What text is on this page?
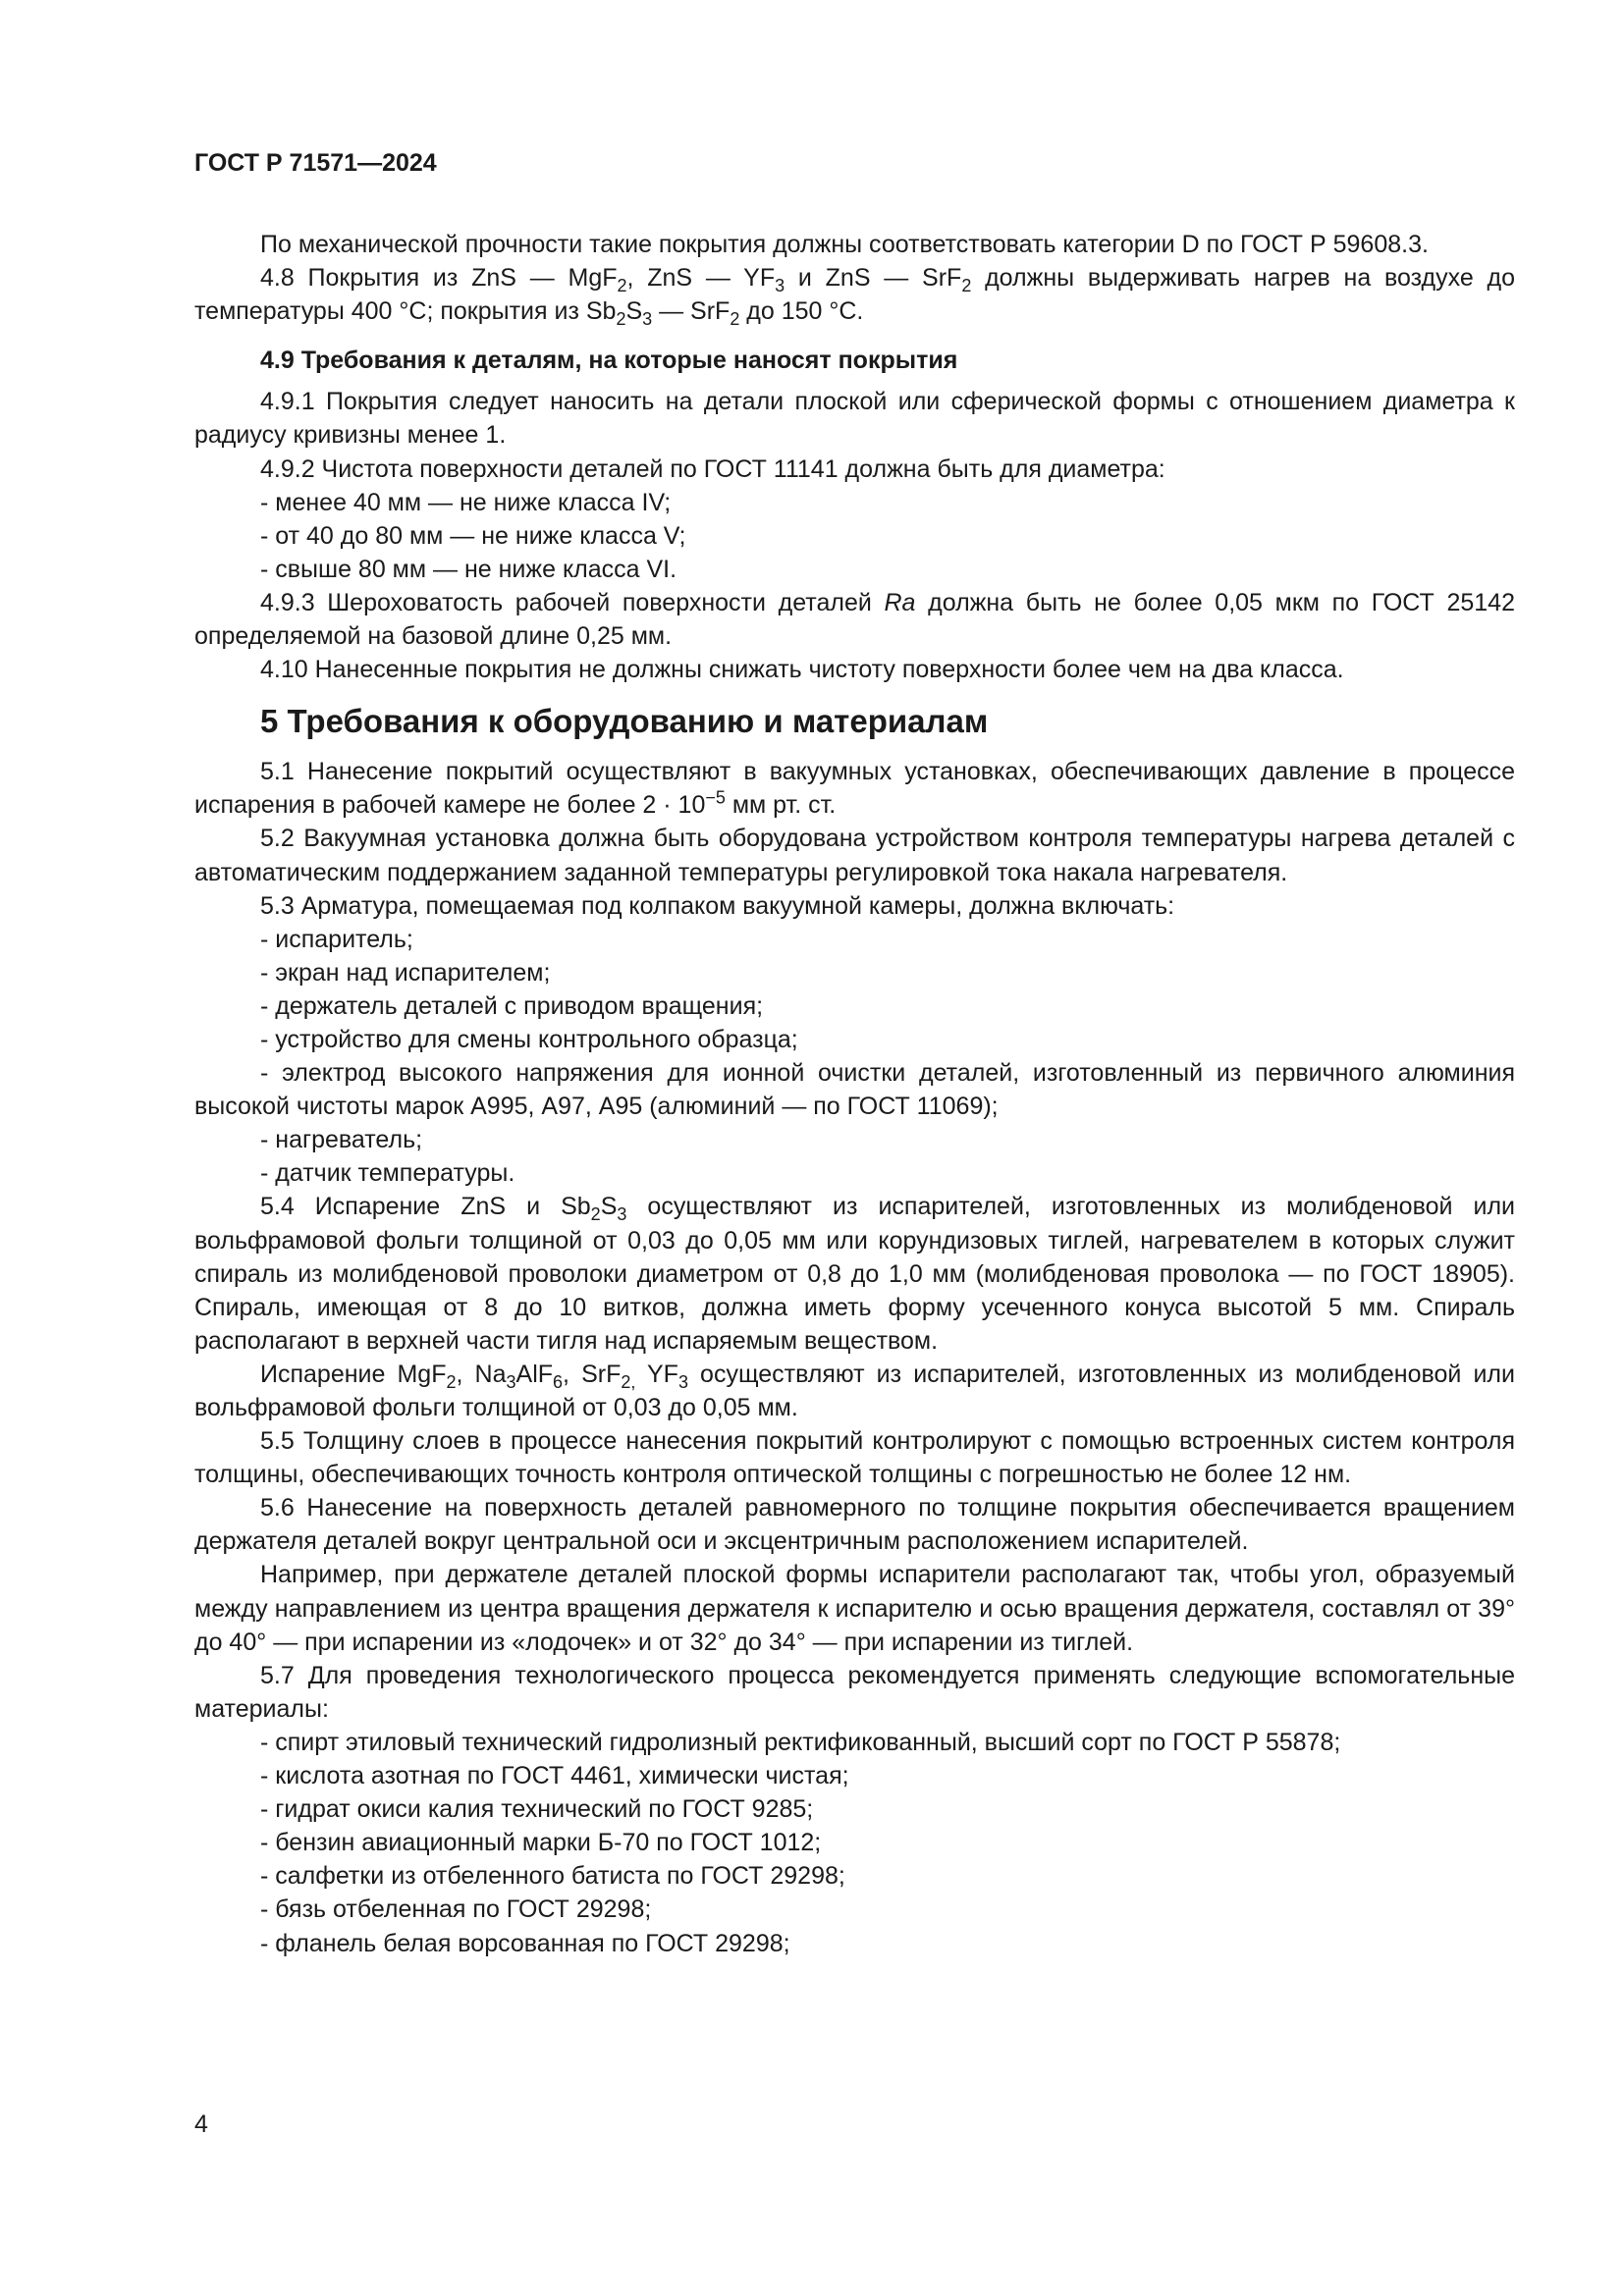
ГОСТ Р 71571—2024

По механической прочности такие покрытия должны соответствовать категории D по ГОСТ Р 59608.3.

4.8 Покрытия из ZnS — MgF$_2$, ZnS — $YF_3$ и ZnS — SrF$_2$ должны выдерживать нагрев на воздухе до температуры 400 °C; покрытия из $Sb_2S_3$ — SrF$_2$ до 150 °C.

4.9 Требования к деталям, на которые наносят покрытия

4.9.1 Покрытия следует наносить на детали плоской или сферической формы с отношением диаметра к радиусу кривизны менее 1.

4.9.2 Чистота поверхности деталей по ГОСТ 11141 должна быть для диаметра:

- менее 40 мм — не ниже класса IV;
- от 40 до 80 мм — не ниже класса V;
- свыше 80 мм — не ниже класса VI.

4.9.3 Шероховатость рабочей поверхности деталей Ra должна быть не более 0,05 мкм по ГОСТ 25142 определяемой на базовой длине 0,25 мм.

4.10 Нанесенные покрытия не должны снижать чистоту поверхности более чем на два класса.

5 Требования к оборудованию и материалам

5.1 Нанесение покрытий осуществляют в вакуумных установках, обеспечивающих давление в процессе испарения в рабочей камере не более $2 \cdot 10^{-5}$ мм рт. ст.

5.2 Вакуумная установка должна быть оборудована устройством контроля температуры нагрева деталей с автоматическим поддержанием заданной температуры регулировкой тока накала нагревателя.

5.3 Арматура, помещаемая под колпаком вакуумной камеры, должна включать:

- испаритель;
- экран над испарителем;
- держатель деталей с приводом вращения;
- устройство для смены контрольного образца;

- электрод высокого напряжения для ионной очистки деталей, изготовленный из первичного алюминия высокой чистоты марок А995, А97, А95 (алюминий — по ГОСТ 11069);

- нагреватель;
- датчик температуры.

5.4 Испарение ZnS и $Sb_2S_3$ осуществляют из испарителей, изготовленных из молибденовой или вольфрамовой фольги толщиной от 0,03 до 0,05 мм или корундизовых тиглей, нагревателем в которых служит спираль из молибденовой проволоки диаметром от 0,8 до 1,0 мм (молибденовая проволока — по ГОСТ 18905). Спираль, имеющая от 8 до 10 витков, должна иметь форму усеченного конуса высотой 5 мм. Спираль располагают в верхней части тигля над испаряемым веществом.

Испарение MgF$_2$, $Na_3AlF_6$, SrF$_{2,}$ $YF_3$ осуществляют из испарителей, изготовленных из молибденовой или вольфрамовой фольги толщиной от 0,03 до 0,05 мм.

5.5 Толщину слоев в процессе нанесения покрытий контролируют с помощью встроенных систем контроля толщины, обеспечивающих точность контроля оптической толщины с погрешностью не более 12 нм.

5.6 Нанесение на поверхность деталей равномерного по толщине покрытия обеспечивается вращением держателя деталей вокруг центральной оси и эксцентричным расположением испарителей.

Например, при держателе деталей плоской формы испарители располагают так, чтобы угол, образуемый между направлением из центра вращения держателя к испарителю и осью вращения держателя, составлял от 39° до 40° — при испарении из «лодочек» и от 32° до 34° — при испарении из тиглей.

5.7 Для проведения технологического процесса рекомендуется применять следующие вспомогательные материалы:

- спирт этиловый технический гидролизный ректификованный, высший сорт по ГОСТ Р 55878;
- кислота азотная по ГОСТ 4461, химически чистая;
- гидрат окиси калия технический по ГОСТ 9285;
- бензин авиационный марки Б-70 по ГОСТ 1012;
- салфетки из отбеленного батиста по ГОСТ 29298;
- бязь отбеленная по ГОСТ 29298;
- фланель белая ворсованная по ГОСТ 29298;
4
